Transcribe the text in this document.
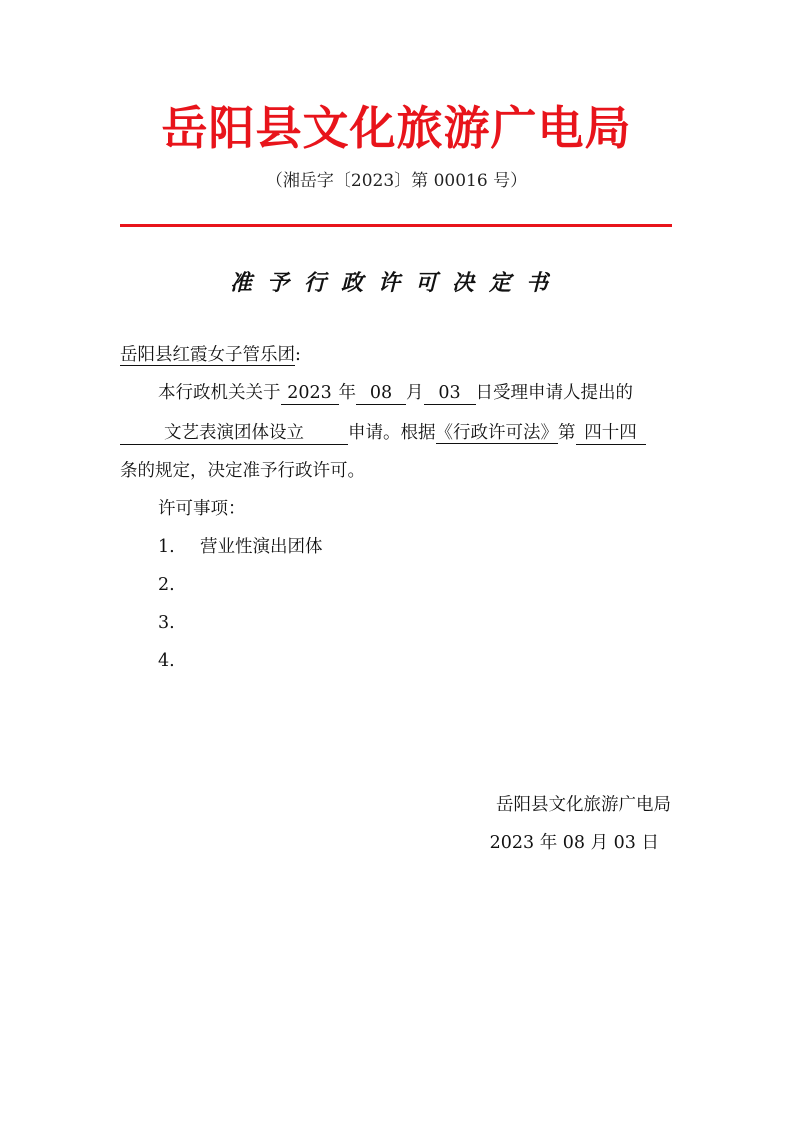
岳阳县文化旅游广电局
（湘岳字〔2023〕第 00016 号）
准予行政许可决定书
岳阳县红霞女子管乐团:
本行政机关关于 2023 年 08 月 03 日受理申请人提出的
文艺表演团体设立	申请。根据《行政许可法》第 四十四
条的规定，决定准予行政许可。
许可事项：
1. 营业性演出团体
2.
3.
4.
岳阳县文化旅游广电局
2023 年 08 月 03 日
